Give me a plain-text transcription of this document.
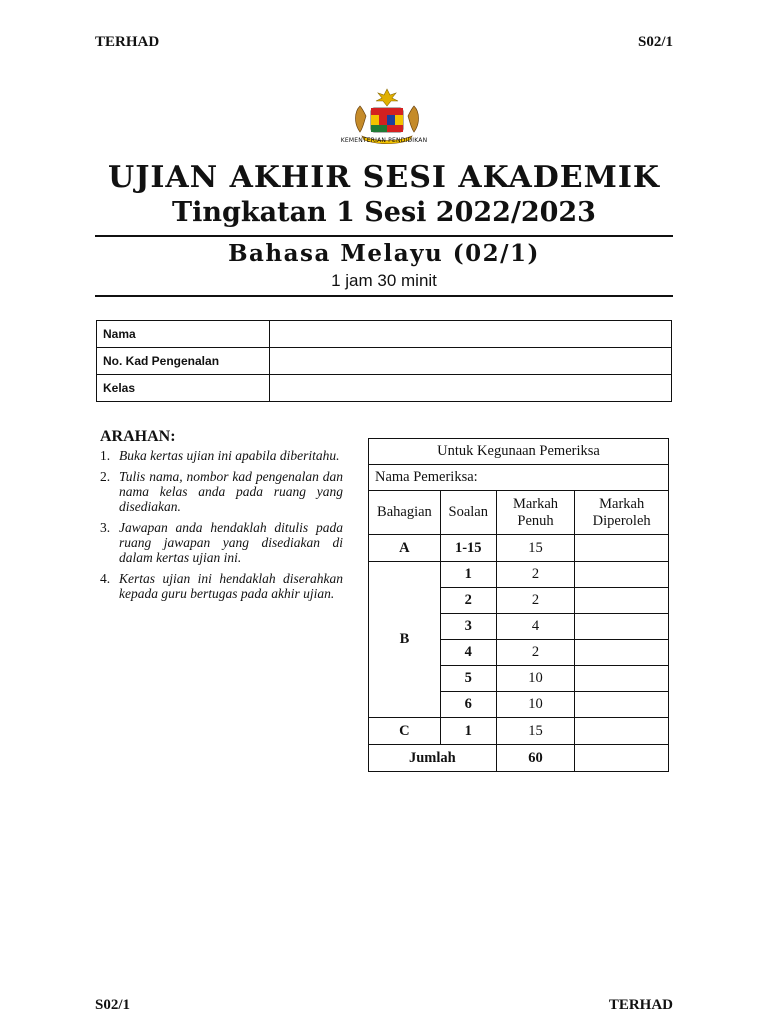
TERHAD	S02/1
S02/1	TERHAD
KEMENTERIAN PENDIDIKAN
UJIAN AKHIR SESI AKADEMIK
Tingkatan 1 Sesi 2022/2023
Bahasa Melayu (02/1)
1 jam 30 minit
Nama	
No. Kad Pengenalan	
Kelas	
ARAHAN:
1. Buka kertas ujian ini apabila diberitahu.
2. Tulis nama, nombor kad pengenalan dan nama kelas anda pada ruang yang disediakan.
3. Jawapan anda hendaklah ditulis pada ruang jawapan yang disediakan di dalam kertas ujian ini.
4. Kertas ujian ini hendaklah diserahkan kepada guru bertugas pada akhir ujian.
Untuk Kegunaan Pemeriksa			
Nama Pemeriksa:			
Bahagian	Soalan	Markah Penuh	Markah Diperoleh
A	1-15	15	
B	1	2	
	2	2	
	3	4	
	4	2	
	5	10	
	6	10	
C	1	15	
Jumlah		60	
